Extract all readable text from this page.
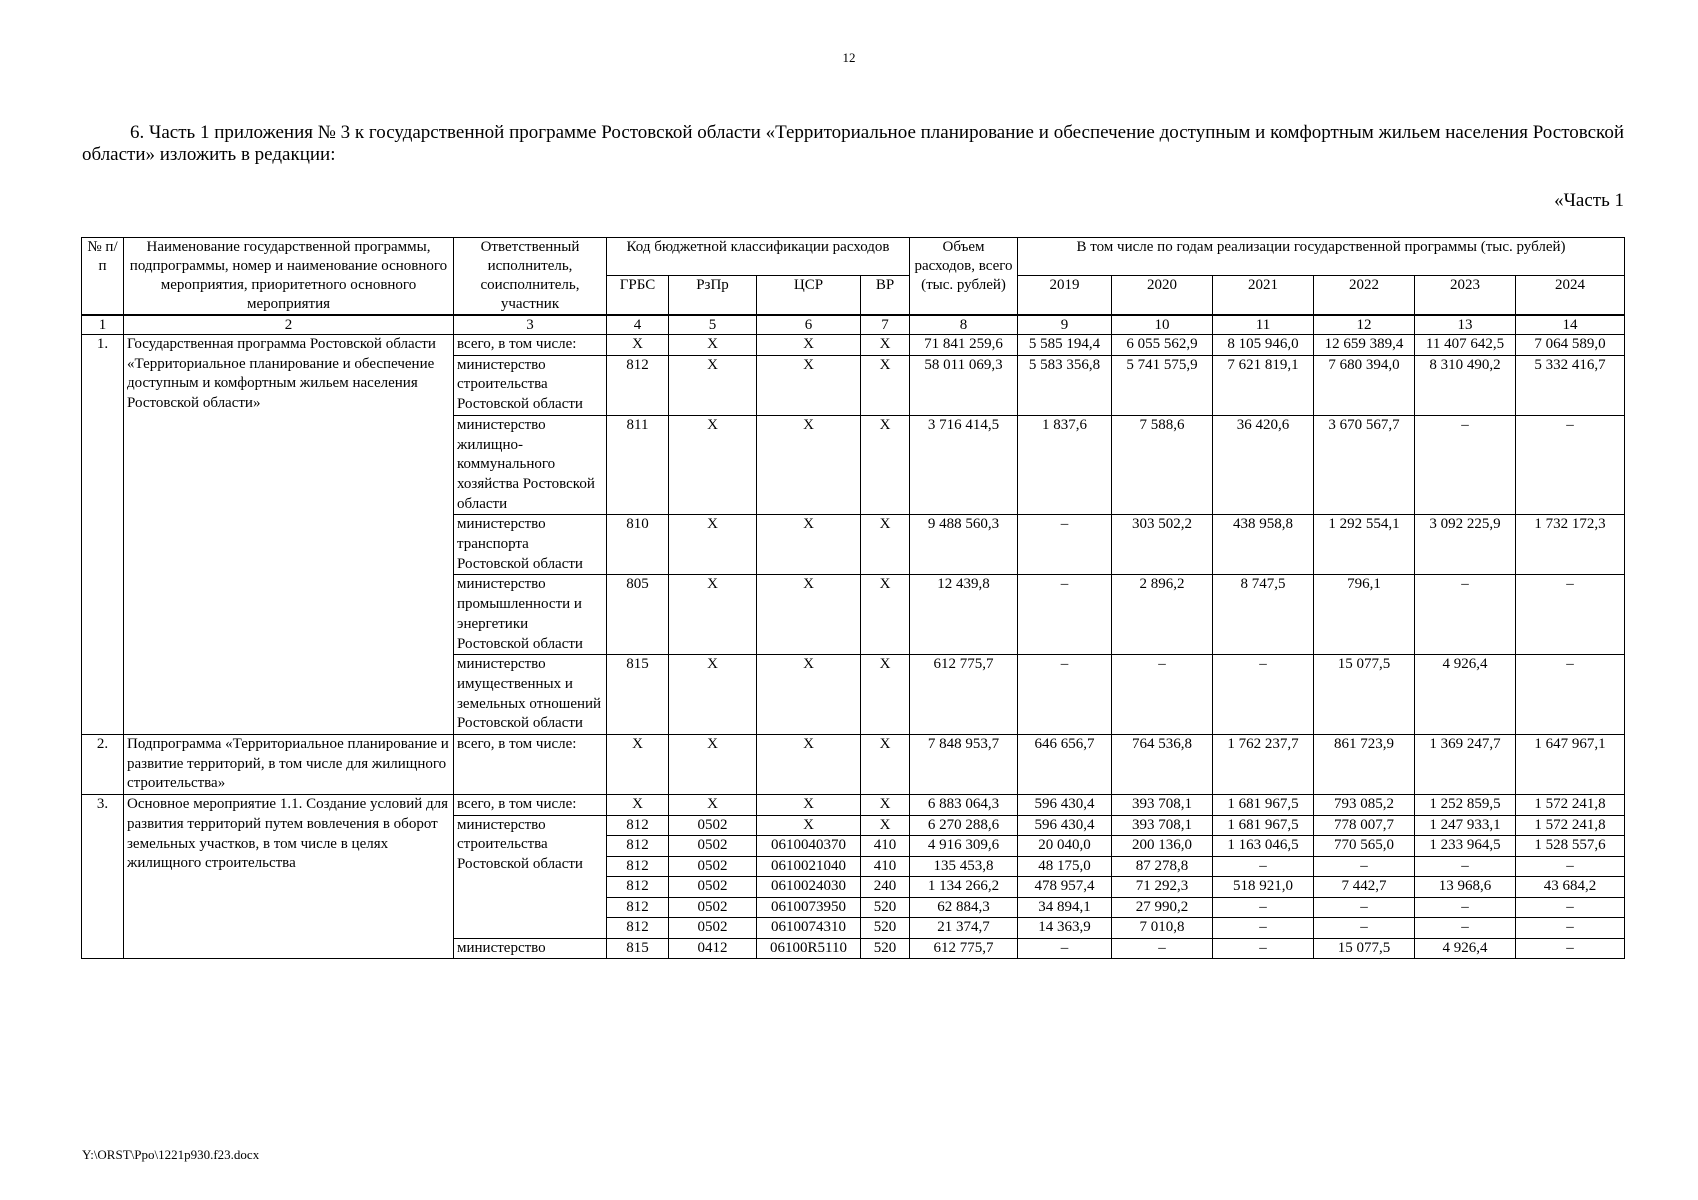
12
6. Часть 1 приложения № 3 к государственной программе Ростовской области «Территориальное планирование и обеспечение доступным и комфортным жильем населения Ростовской области» изложить в редакции:
«Часть 1
№ п/п	Наименование государственной программы, подпрограммы, номер и наименование основного мероприятия, приоритетного основного мероприятия	Ответственный исполнитель, соисполнитель, участник	Код бюджетной классификации расходов				Объем расходов, всего (тыс. рублей)	В том числе по годам реализации государственной программы (тыс. рублей)					
			ГРБС	РзПр	ЦСР	ВР		2019	2020	2021	2022	2023	2024
1	2	3	4	5	6	7	8	9	10	11	12	13	14
1.	Государственная программа Ростовской области «Территориальное планирование и обеспечение доступным и комфортным жильем населения Ростовской области»	всего, в том числе:	X	X	X	X	71 841 259,6	5 585 194,4	6 055 562,9	8 105 946,0	12 659 389,4	11 407 642,5	7 064 589,0
		министерство строительства Ростовской области	812	X	X	X	58 011 069,3	5 583 356,8	5 741 575,9	7 621 819,1	7 680 394,0	8 310 490,2	5 332 416,7
		министерство жилищно-коммунального хозяйства Ростовской области	811	X	X	X	3 716 414,5	1 837,6	7 588,6	36 420,6	3 670 567,7	–	–
		министерство транспорта Ростовской области	810	X	X	X	9 488 560,3	–	303 502,2	438 958,8	1 292 554,1	3 092 225,9	1 732 172,3
		министерство промышленности и энергетики Ростовской области	805	X	X	X	12 439,8	–	2 896,2	8 747,5	796,1	–	–
		министерство имущественных и земельных отношений Ростовской области	815	X	X	X	612 775,7	–	–	–	15 077,5	4 926,4	–
2.	Подпрограмма «Территориальное планирование и развитие территорий, в том числе для жилищного строительства»	всего, в том числе:	X	X	X	X	7 848 953,7	646 656,7	764 536,8	1 762 237,7	861 723,9	1 369 247,7	1 647 967,1
3.	Основное мероприятие 1.1. Создание условий для развития территорий путем вовлечения в оборот земельных участков, в том числе в целях жилищного строительства	всего, в том числе:	X	X	X	X	6 883 064,3	596 430,4	393 708,1	1 681 967,5	793 085,2	1 252 859,5	1 572 241,8
		министерство строительства Ростовской области	812	0502	X	X	6 270 288,6	596 430,4	393 708,1	1 681 967,5	778 007,7	1 247 933,1	1 572 241,8
			812	0502	0610040370	410	4 916 309,6	20 040,0	200 136,0	1 163 046,5	770 565,0	1 233 964,5	1 528 557,6
			812	0502	0610021040	410	135 453,8	48 175,0	87 278,8	–	–	–	–
			812	0502	0610024030	240	1 134 266,2	478 957,4	71 292,3	518 921,0	7 442,7	13 968,6	43 684,2
			812	0502	0610073950	520	62 884,3	34 894,1	27 990,2	–	–	–	–
			812	0502	0610074310	520	21 374,7	14 363,9	7 010,8	–	–	–	–
		министерство	815	0412	06100R5110	520	612 775,7	–	–	–	15 077,5	4 926,4	–
Y:\ORST\Ppo\1221p930.f23.docx
